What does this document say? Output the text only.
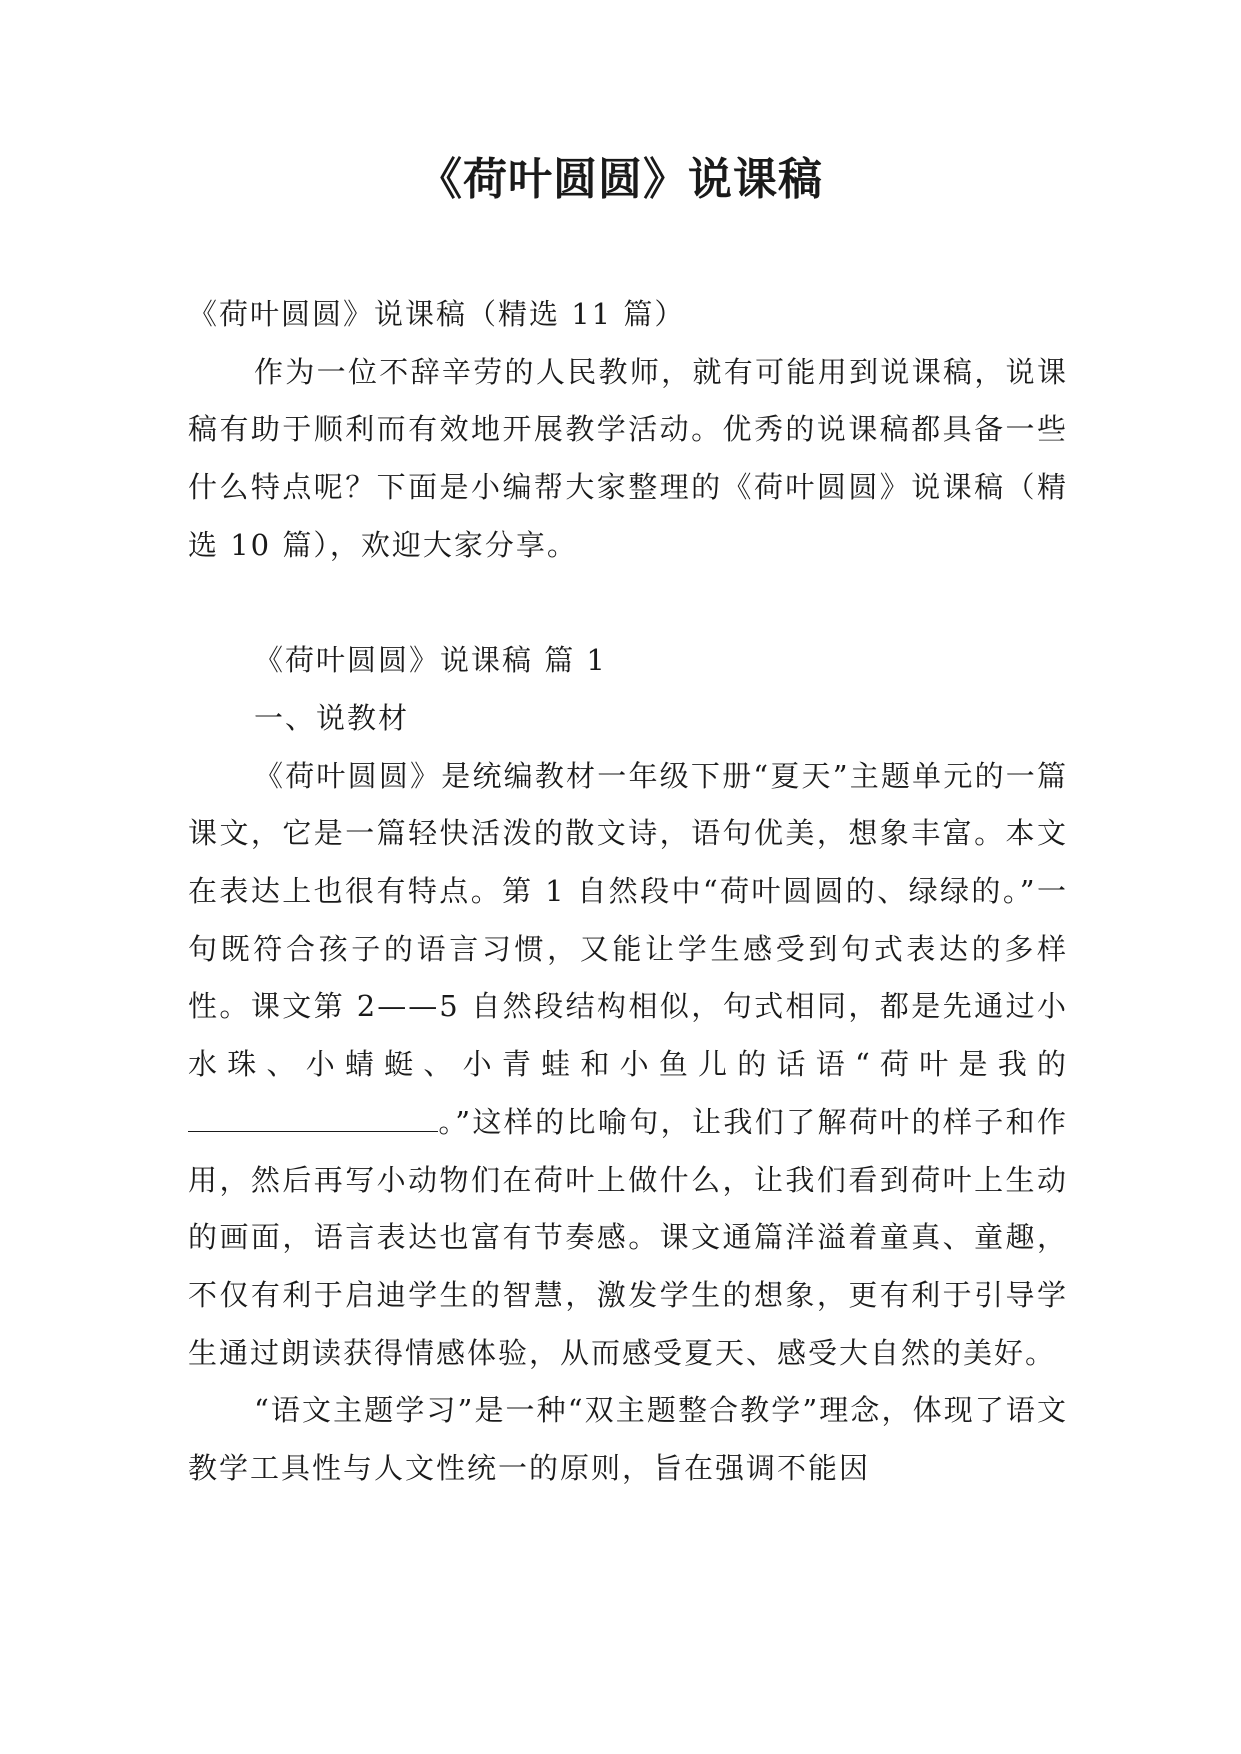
《荷叶圆圆》说课稿

《荷叶圆圆》说课稿（精选 11 篇）

作为一位不辞辛劳的人民教师，就有可能用到说课稿，说课稿有助于顺利而有效地开展教学活动。优秀的说课稿都具备一些什么特点呢？下面是小编帮大家整理的《荷叶圆圆》说课稿（精选 10 篇），欢迎大家分享。

《荷叶圆圆》说课稿 篇 1

一、说教材

《荷叶圆圆》是统编教材一年级下册“夏天”主题单元的一篇课文，它是一篇轻快活泼的散文诗，语句优美，想象丰富。本文在表达上也很有特点。第 1 自然段中“荷叶圆圆的、绿绿的。”一句既符合孩子的语言习惯，又能让学生感受到句式表达的多样性。课文第 2——5 自然段结构相似，句式相同，都是先通过小水珠、小蜻蜓、小青蛙和小鱼儿的话语“荷叶是我的。”这样的比喻句，让我们了解荷叶的样子和作用，然后再写小动物们在荷叶上做什么，让我们看到荷叶上生动的画面，语言表达也富有节奏感。课文通篇洋溢着童真、童趣，不仅有利于启迪学生的智慧，激发学生的想象，更有利于引导学生通过朗读获得情感体验，从而感受夏天、感受大自然的美好。

“语文主题学习”是一种“双主题整合教学”理念，体现了语文教学工具性与人文性统一的原则，旨在强调不能因
